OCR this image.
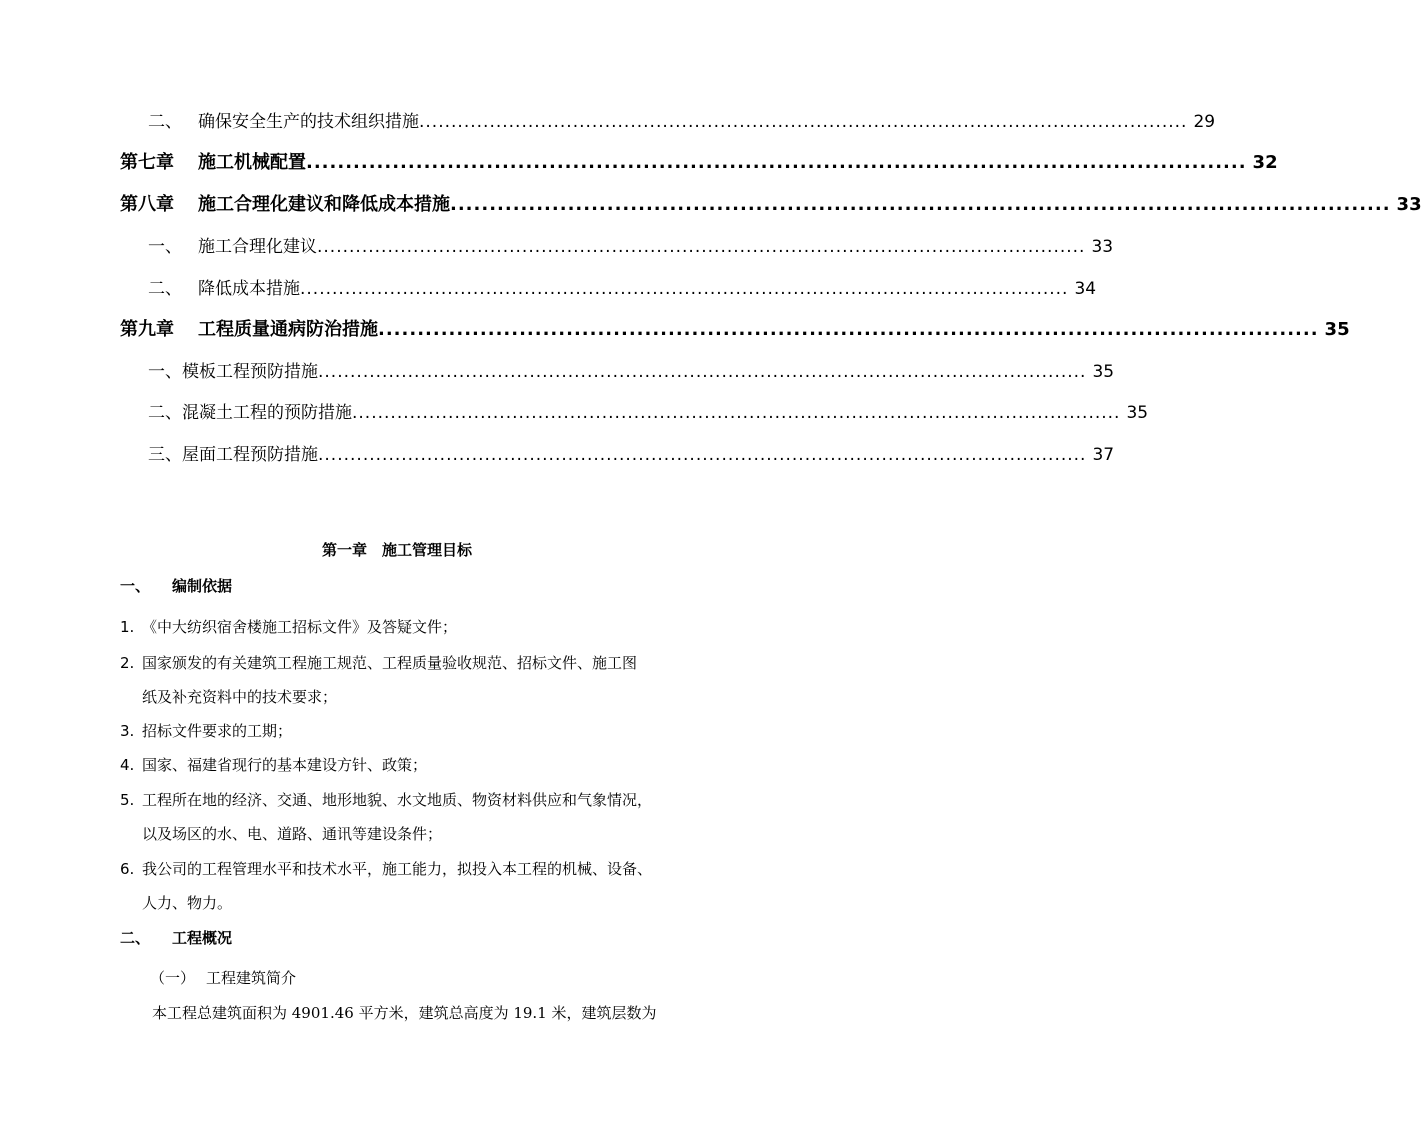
二、 确保安全生产的技术组织措施 ........................................................................................................................ 29
第七章	施工机械配置 ........................................................................................................................ 32
第八章	施工合理化建议和降低成本措施 ........................................................................................................................ 33
一、 施工合理化建议 ........................................................................................................................ 33
二、 降低成本措施 ........................................................................................................................ 34
第九章	工程质量通病防治措施 ........................................................................................................................ 35
一、 模板工程预防措施 ........................................................................................................................ 35
二、 混凝土工程的预防措施 ........................................................................................................................ 35
三、 屋面工程预防措施 ........................................................................................................................ 37
第一章　施工管理目标
一、 编制依据
1. 《中大纺织宿舍楼施工招标文件》及答疑文件；
2. 国家颁发的有关建筑工程施工规范、工程质量验收规范、招标文件、施工图
纸及补充资料中的技术要求；
3. 招标文件要求的工期；
4. 国家、福建省现行的基本建设方针、政策；
5. 工程所在地的经济、交通、地形地貌、水文地质、物资材料供应和气象情况，
以及场区的水、电、道路、通讯等建设条件；
6. 我公司的工程管理水平和技术水平，施工能力，拟投入本工程的机械、设备、
人力、物力。
二、 工程概况
（一） 工程建筑简介
本工程总建筑面积为 4901.46 平方米，建筑总高度为 19.1 米，建筑层数为
